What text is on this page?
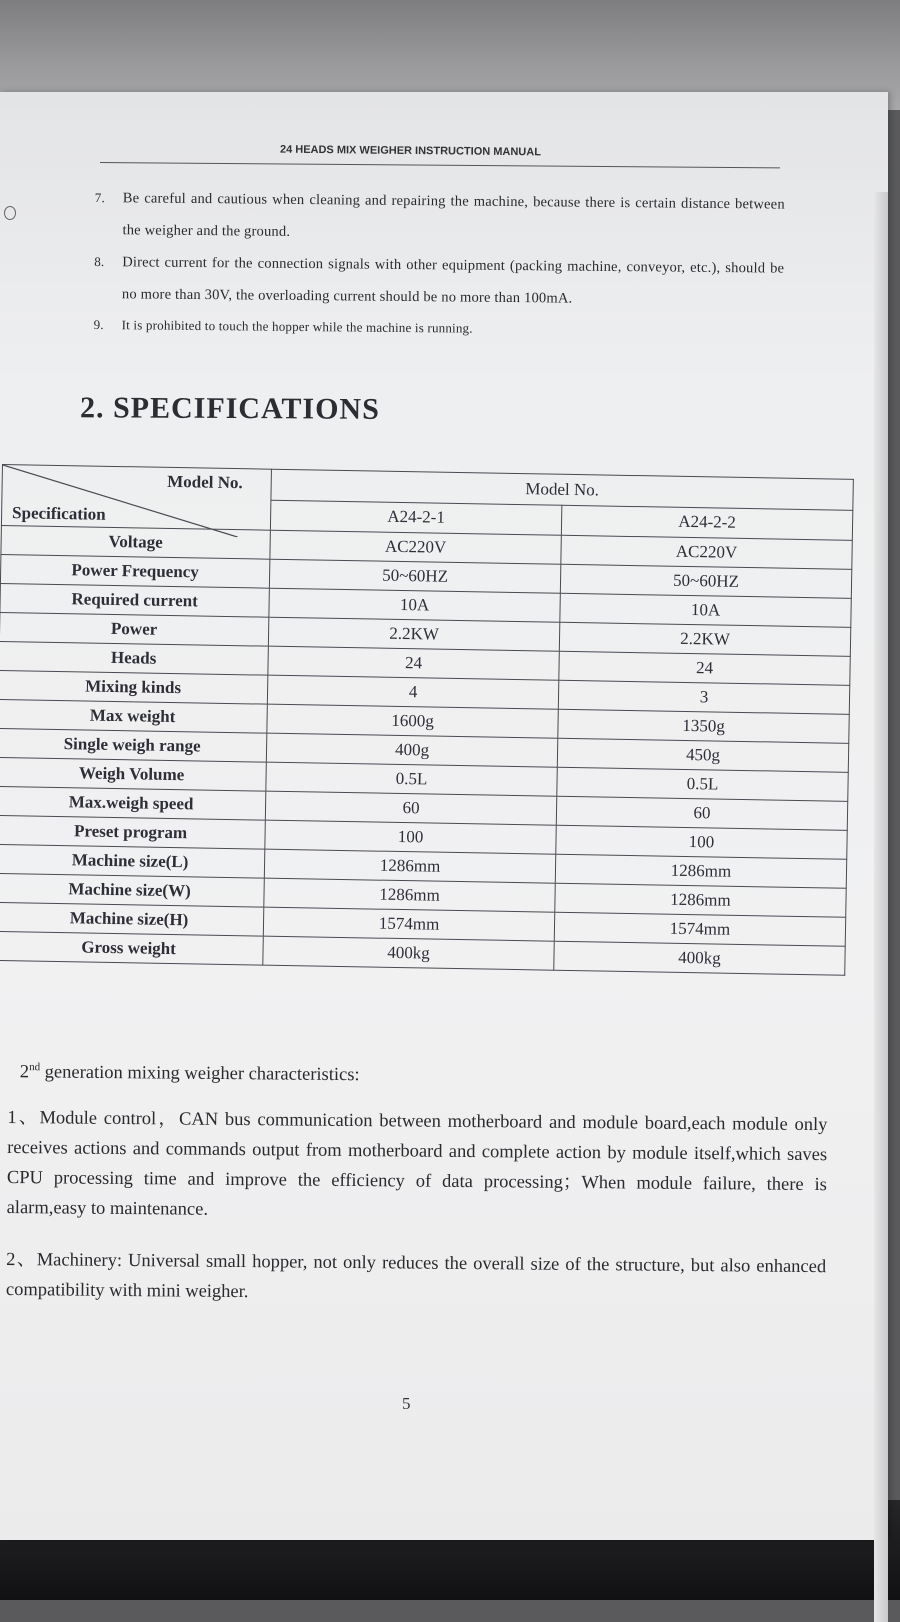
24 HEADS MIX WEIGHER INSTRUCTION MANUAL
7.	Be careful and cautious when cleaning and repairing the machine, because there is certain distance between the weigher and the ground.
8.	Direct current for the connection signals with other equipment (packing machine, conveyor, etc.), should be no more than 30V, the overloading current should be no more than 100mA.
9.	It is prohibited to touch the hopper while the machine is running.
2. SPECIFICATIONS
Model No.
Specification	Model No.	
	A24-2-1	A24-2-2
Voltage	AC220V	AC220V
Power Frequency	50~60HZ	50~60HZ
Required current	10A	10A
Power	2.2KW	2.2KW
Heads	24	24
Mixing kinds	4	3
Max weight	1600g	1350g
Single weigh range	400g	450g
Weigh Volume	0.5L	0.5L
Max.weigh speed	60	60
Preset program	100	100
Machine size(L)	1286mm	1286mm
Machine size(W)	1286mm	1286mm
Machine size(H)	1574mm	1574mm
Gross weight	400kg	400kg
2nd generation mixing weigher characteristics:
1、Module control，CAN bus communication between motherboard and module board,each module only receives actions and commands output from motherboard and complete action by module itself,which saves CPU processing time and improve the efficiency of data processing；When module failure, there is alarm,easy to maintenance.
2、Machinery: Universal small hopper, not only reduces the overall size of the structure, but also enhanced compatibility with mini weigher.
5
